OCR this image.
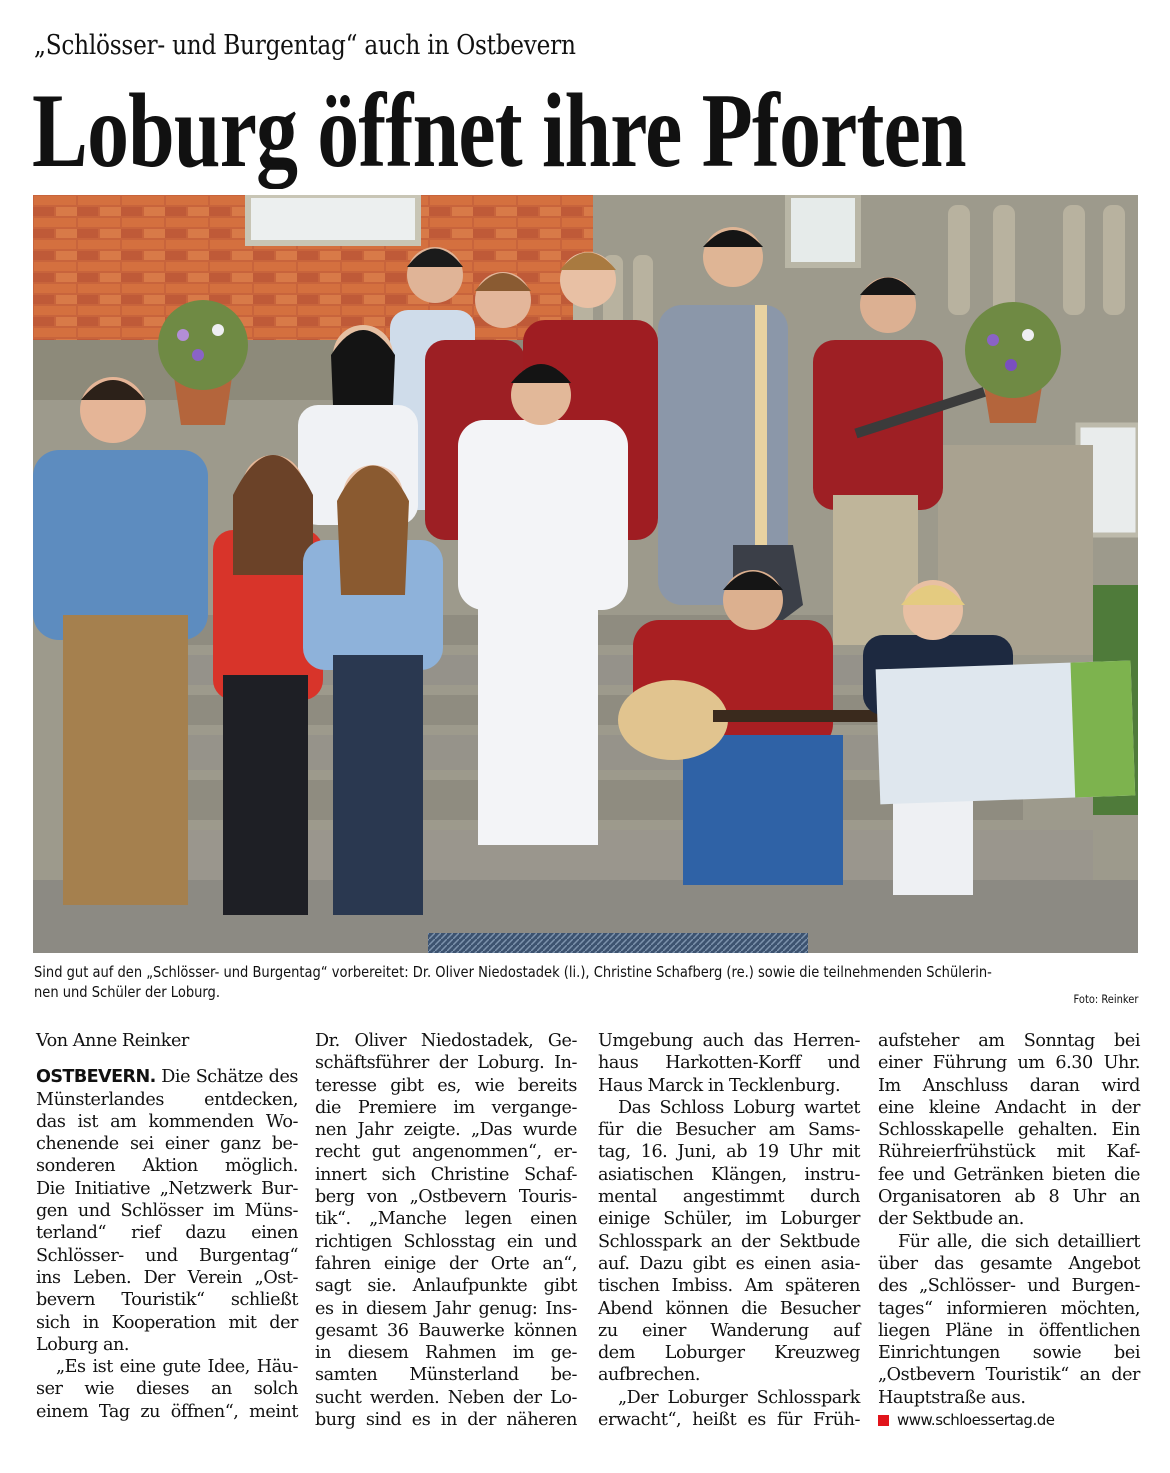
„Schlösser- und Burgentag“ auch in Ostbevern
Loburg öffnet ihre Pforten
Sind gut auf den „Schlösser- und Burgentag“ vorbereitet: Dr. Oliver Niedostadek (li.), Christine Schafberg (re.) sowie die teilnehmenden Schülerin-
nen und Schüler der Loburg.	Foto: Reinker
Von Anne Reinker
OSTBEVERN. Die Schätze des
Münsterlandes entdecken,
das ist am kommenden Wo-
chenende sei einer ganz be-
sonderen Aktion möglich.
Die Initiative „Netzwerk Bur-
gen und Schlösser im Müns-
terland“ rief dazu einen
Schlösser- und Burgentag“
ins Leben. Der Verein „Ost-
bevern Touristik“ schließt
sich in Kooperation mit der
Loburg an.
„Es ist eine gute Idee, Häu-
ser wie dieses an solch
einem Tag zu öffnen“, meint
Dr. Oliver Niedostadek, Ge-
schäftsführer der Loburg. In-
teresse gibt es, wie bereits
die Premiere im vergange-
nen Jahr zeigte. „Das wurde
recht gut angenommen“, er-
innert sich Christine Schaf-
berg von „Ostbevern Touris-
tik“. „Manche legen einen
richtigen Schlosstag ein und
fahren einige der Orte an“,
sagt sie. Anlaufpunkte gibt
es in diesem Jahr genug: Ins-
gesamt 36 Bauwerke können
in diesem Rahmen im ge-
samten Münsterland be-
sucht werden. Neben der Lo-
burg sind es in der näheren
Umgebung auch das Herren-
haus Harkotten-Korff und
Haus Marck in Tecklenburg.
Das Schloss Loburg wartet
für die Besucher am Sams-
tag, 16. Juni, ab 19 Uhr mit
asiatischen Klängen, instru-
mental angestimmt durch
einige Schüler, im Loburger
Schlosspark an der Sektbude
auf. Dazu gibt es einen asia-
tischen Imbiss. Am späteren
Abend können die Besucher
zu einer Wanderung auf
dem Loburger Kreuzweg
aufbrechen.
„Der Loburger Schlosspark
erwacht“, heißt es für Früh-
aufsteher am Sonntag bei
einer Führung um 6.30 Uhr.
Im Anschluss daran wird
eine kleine Andacht in der
Schlosskapelle gehalten. Ein
Rühreierfrühstück mit Kaf-
fee und Getränken bieten die
Organisatoren ab 8 Uhr an
der Sektbude an.
Für alle, die sich detailliert
über das gesamte Angebot
des „Schlösser- und Burgen-
tages“ informieren möchten,
liegen Pläne in öffentlichen
Einrichtungen sowie bei
„Ostbevern Touristik“ an der
Hauptstraße aus.
www.schloessertag.de
